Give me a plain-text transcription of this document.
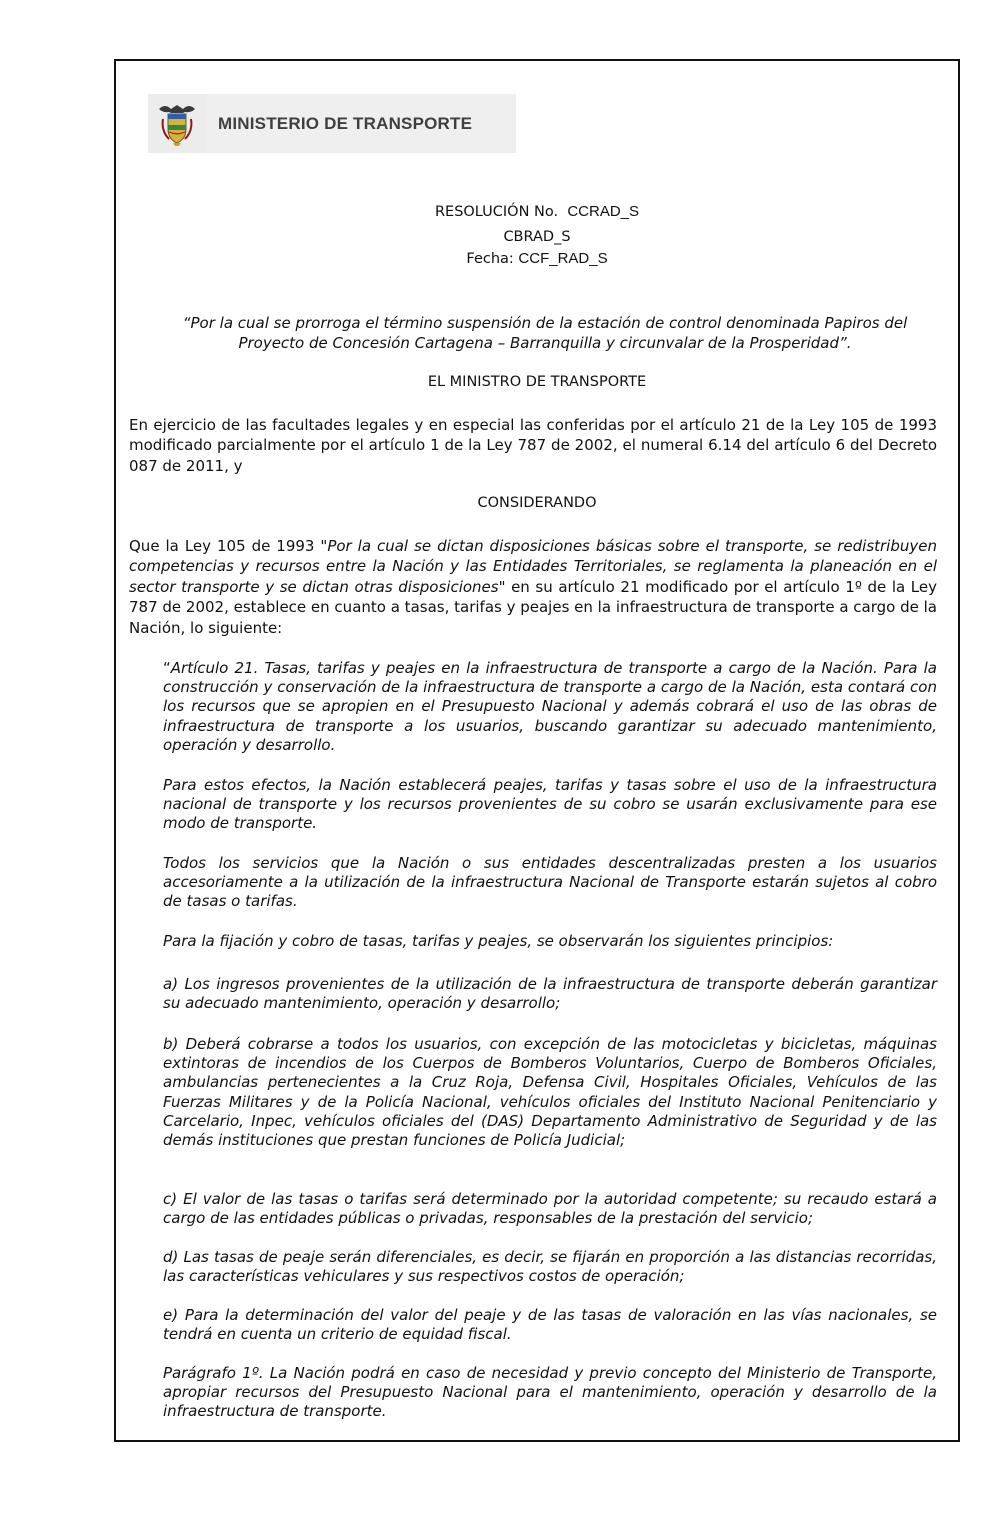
MINISTERIO DE TRANSPORTE
RESOLUCIÓN No. CCRAD_S
CBRAD_S
Fecha: CCF_RAD_S
“Por la cual se prorroga el término suspensión de la estación de control denominada Papiros del Proyecto de Concesión Cartagena – Barranquilla y circunvalar de la Prosperidad”.
EL MINISTRO DE TRANSPORTE

En ejercicio de las facultades legales y en especial las conferidas por el artículo 21 de la Ley 105 de 1993 modificado parcialmente por el artículo 1 de la Ley 787 de 2002, el numeral 6.14 del artículo 6 del Decreto 087 de 2011, y

CONSIDERANDO

Que la Ley 105 de 1993 "Por la cual se dictan disposiciones básicas sobre el transporte, se redistribuyen competencias y recursos entre la Nación y las Entidades Territoriales, se reglamenta la planeación en el sector transporte y se dictan otras disposiciones" en su artículo 21 modificado por el artículo 1º de la Ley 787 de 2002, establece en cuanto a tasas, tarifas y peajes en la infraestructura de transporte a cargo de la Nación, lo siguiente:

“Artículo 21. Tasas, tarifas y peajes en la infraestructura de transporte a cargo de la Nación. Para la construcción y conservación de la infraestructura de transporte a cargo de la Nación, esta contará con los recursos que se apropien en el Presupuesto Nacional y además cobrará el uso de las obras de infraestructura de transporte a los usuarios, buscando garantizar su adecuado mantenimiento, operación y desarrollo.

Para estos efectos, la Nación establecerá peajes, tarifas y tasas sobre el uso de la infraestructura nacional de transporte y los recursos provenientes de su cobro se usarán exclusivamente para ese modo de transporte.

Todos los servicios que la Nación o sus entidades descentralizadas presten a los usuarios accesoriamente a la utilización de la infraestructura Nacional de Transporte estarán sujetos al cobro de tasas o tarifas.

Para la fijación y cobro de tasas, tarifas y peajes, se observarán los siguientes principios:

a) Los ingresos provenientes de la utilización de la infraestructura de transporte deberán garantizar su adecuado mantenimiento, operación y desarrollo;

b) Deberá cobrarse a todos los usuarios, con excepción de las motocicletas y bicicletas, máquinas extintoras de incendios de los Cuerpos de Bomberos Voluntarios, Cuerpo de Bomberos Oficiales, ambulancias pertenecientes a la Cruz Roja, Defensa Civil, Hospitales Oficiales, Vehículos de las Fuerzas Militares y de la Policía Nacional, vehículos oficiales del Instituto Nacional Penitenciario y Carcelario, Inpec, vehículos oficiales del (DAS) Departamento Administrativo de Seguridad y de las demás instituciones que prestan funciones de Policía Judicial;

c) El valor de las tasas o tarifas será determinado por la autoridad competente; su recaudo estará a cargo de las entidades públicas o privadas, responsables de la prestación del servicio;

d) Las tasas de peaje serán diferenciales, es decir, se fijarán en proporción a las distancias recorridas, las características vehiculares y sus respectivos costos de operación;

e) Para la determinación del valor del peaje y de las tasas de valoración en las vías nacionales, se tendrá en cuenta un criterio de equidad fiscal.

Parágrafo 1º. La Nación podrá en caso de necesidad y previo concepto del Ministerio de Transporte, apropiar recursos del Presupuesto Nacional para el mantenimiento, operación y desarrollo de la infraestructura de transporte.
